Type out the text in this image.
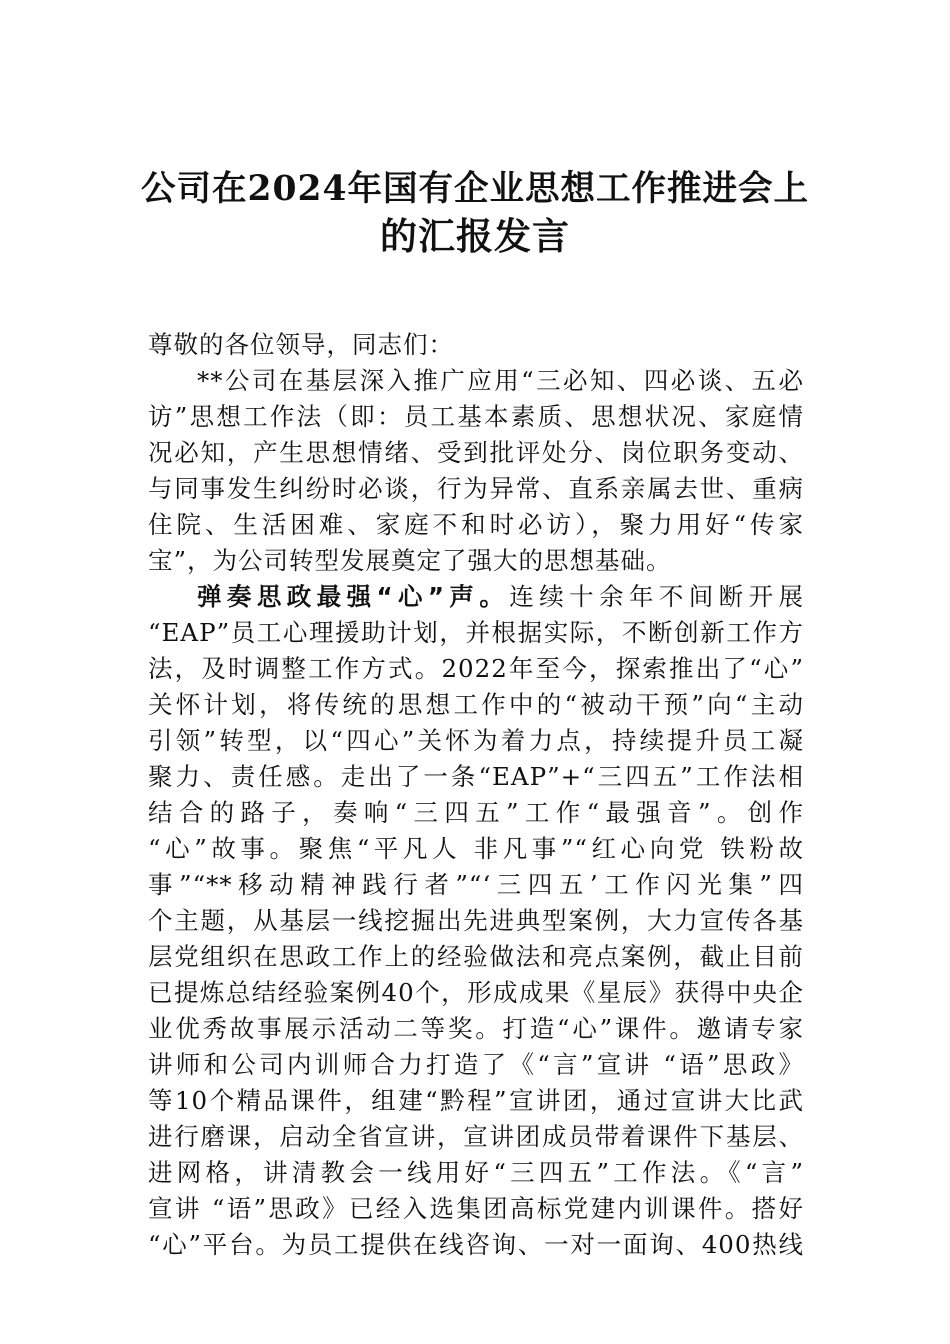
公司在2024年国有企业思想工作推进会上
的汇报发言
尊敬的各位领导，同志们：
**公司在基层深入推广应用“三必知、四必谈、五必
访”思想工作法（即：员工基本素质、思想状况、家庭情
况必知，产生思想情绪、受到批评处分、岗位职务变动、
与同事发生纠纷时必谈，行为异常、直系亲属去世、重病
住院、生活困难、家庭不和时必访），聚力用好“传家
宝”，为公司转型发展奠定了强大的思想基础。
弹奏思政最强“心”声。连续十余年不间断开展
“EAP”员工心理援助计划，并根据实际，不断创新工作方
法，及时调整工作方式。2022年至今，探索推出了“心”
关怀计划，将传统的思想工作中的“被动干预”向“主动
引领”转型，以“四心”关怀为着力点，持续提升员工凝
聚力、责任感。走出了一条“EAP”+“三四五”工作法相
结合的路子，奏响“三四五”工作“最强音”。创作
“心”故事。聚焦“平凡人 非凡事”“红心向党 铁粉故
事”“**移动精神践行者”“‘三四五’工作闪光集”四
个主题，从基层一线挖掘出先进典型案例，大力宣传各基
层党组织在思政工作上的经验做法和亮点案例，截止目前
已提炼总结经验案例40个，形成成果《星辰》获得中央企
业优秀故事展示活动二等奖。打造“心”课件。邀请专家
讲师和公司内训师合力打造了《“言”宣讲 “语”思政》
等10个精品课件，组建“黔程”宣讲团，通过宣讲大比武
进行磨课，启动全省宣讲，宣讲团成员带着课件下基层、
进网格，讲清教会一线用好“三四五”工作法。《“言”
宣讲 “语”思政》已经入选集团高标党建内训课件。搭好
“心”平台。为员工提供在线咨询、一对一面询、400热线
